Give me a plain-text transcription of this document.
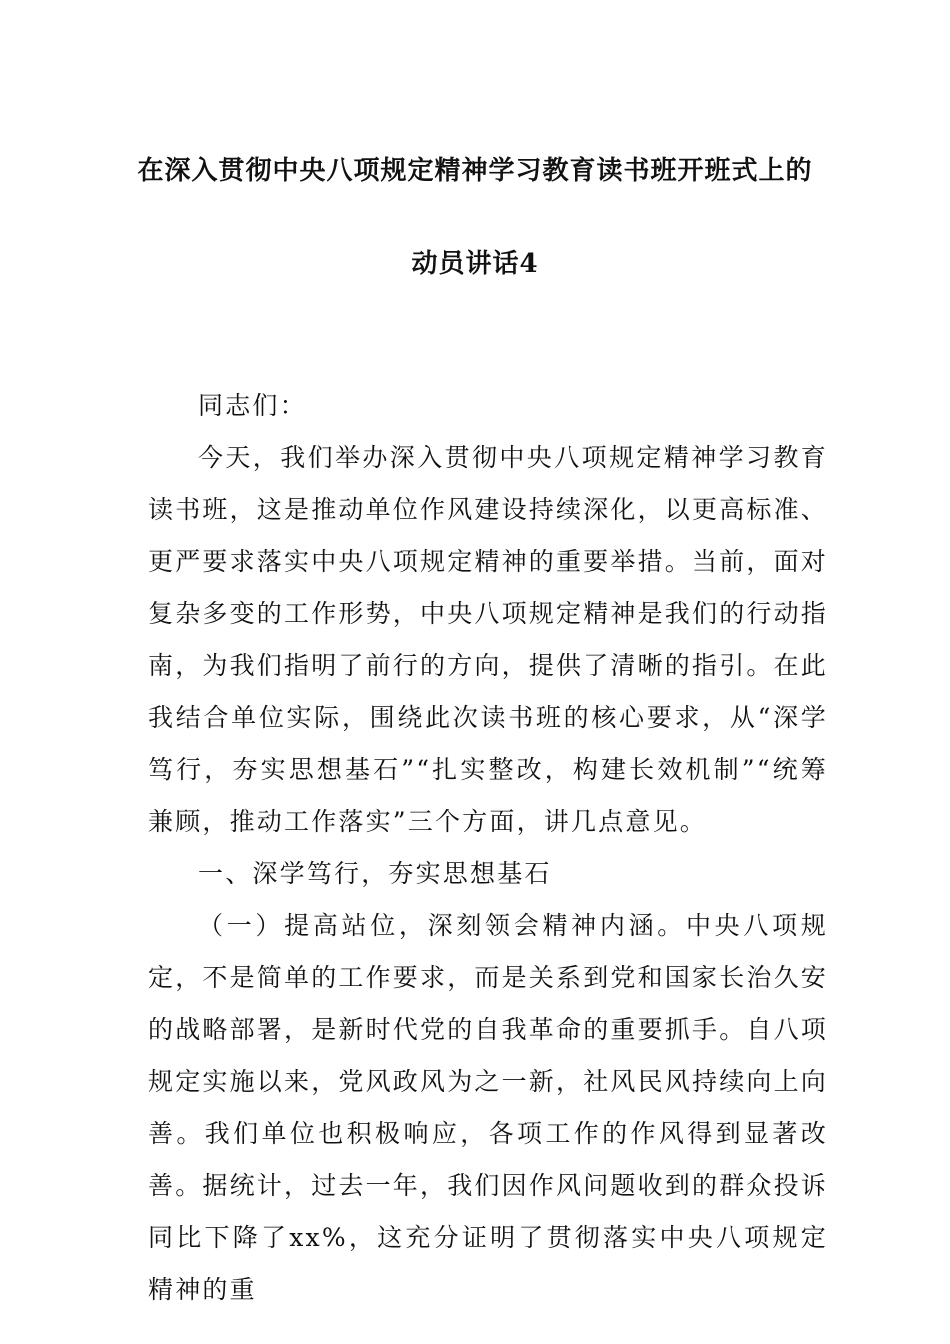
在深入贯彻中央八项规定精神学习教育读书班开班式上的
动员讲话4

同志们：

今天，我们举办深入贯彻中央八项规定精神学习教育读书班，这是推动单位作风建设持续深化，以更高标准、更严要求落实中央八项规定精神的重要举措。当前，面对复杂多变的工作形势，中央八项规定精神是我们的行动指南，为我们指明了前行的方向，提供了清晰的指引。在此我结合单位实际，围绕此次读书班的核心要求，从“深学笃行，夯实思想基石”“扎实整改，构建长效机制”“统筹兼顾，推动工作落实”三个方面，讲几点意见。

一、深学笃行，夯实思想基石

（一）提高站位，深刻领会精神内涵。中央八项规定，不是简单的工作要求，而是关系到党和国家长治久安的战略部署，是新时代党的自我革命的重要抓手。自八项规定实施以来，党风政风为之一新，社风民风持续向上向善。我们单位也积极响应，各项工作的作风得到显著改善。据统计，过去一年，我们因作风问题收到的群众投诉同比下降了xx%，这充分证明了贯彻落实中央八项规定精神的重
